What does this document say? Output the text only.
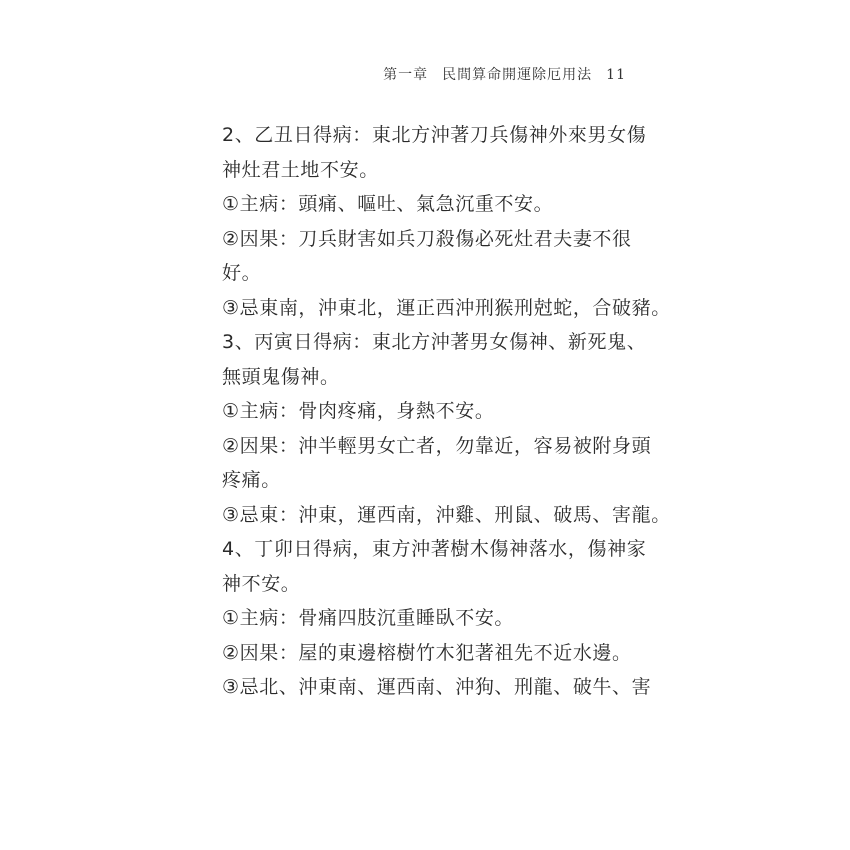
第一章 民間算命開運除厄用法 11
2、乙丑日得病：東北方沖著刀兵傷神外來男女傷
神灶君土地不安。
①主病：頭痛、嘔吐、氣急沉重不安。
②因果：刀兵財害如兵刀殺傷必死灶君夫妻不很
好。
③忌東南，沖東北，運正西沖刑猴刑尅蛇，合破豬。
3、丙寅日得病：東北方沖著男女傷神、新死鬼、
無頭鬼傷神。
①主病：骨肉疼痛，身熱不安。
②因果：沖半輕男女亡者，勿靠近，容易被附身頭
疼痛。
③忌東：沖東，運西南，沖雞、刑鼠、破馬、害龍。
4、丁卯日得病，東方沖著樹木傷神落水，傷神家
神不安。
①主病：骨痛四肢沉重睡臥不安。
②因果：屋的東邊榕樹竹木犯著祖先不近水邊。
③忌北、沖東南、運西南、沖狗、刑龍、破牛、害
